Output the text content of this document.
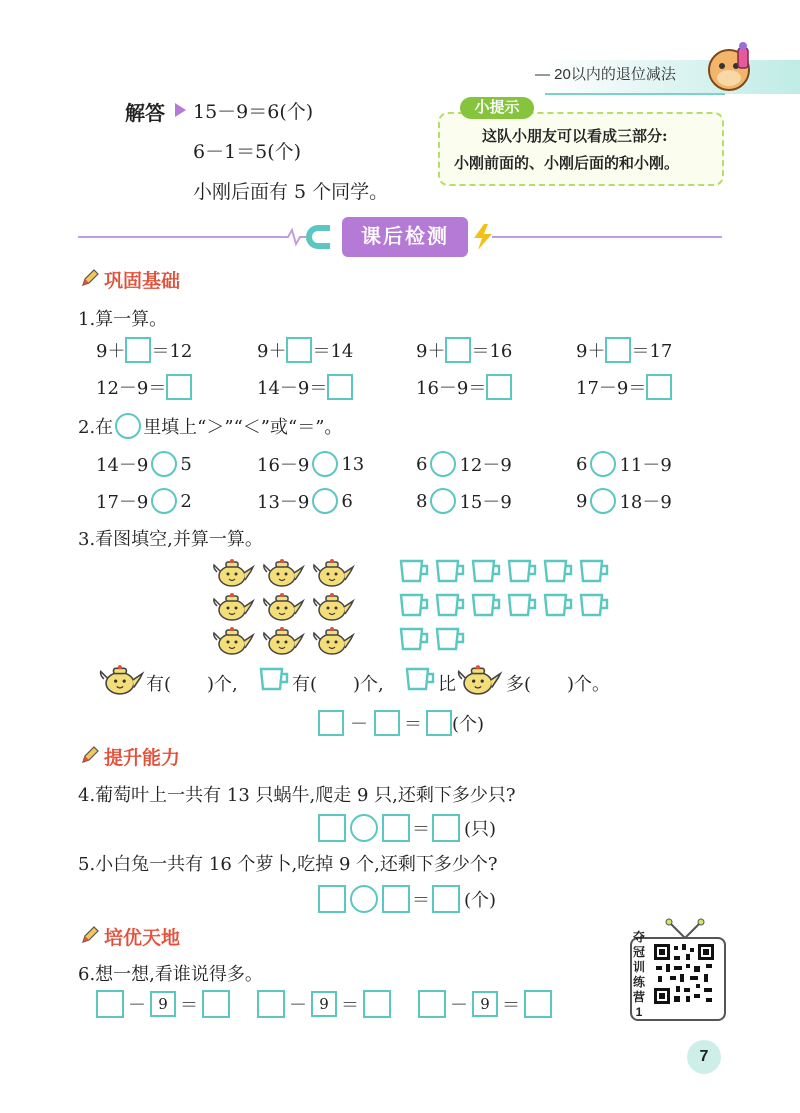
— 20以内的退位减法
解答 15－9＝6(个)
6－1＝5(个)
小刚后面有 5 个同学。
小提示
这队小朋友可以看成三部分:
小刚前面的、小刚后面的和小刚。
课后检测
巩固基础
1.算一算。
9＋ ＝12	9＋ ＝14	9＋ ＝16	9＋ ＝17
12－9＝	14－9＝	16－9＝	17－9＝
2.在 里填上“＞”“＜”或“＝”。
14－9 5	16－9 13	6 12－9	6 11－9
17－9 2	13－9 6	8 15－9	9 18－9
3.看图填空,并算一算。
有(　　)个,	有(　　)个,	比	多(　　)个。
－ ＝ (个)
提升能力
4.葡萄叶上一共有 13 只蜗牛,爬走 9 只,还剩下多少只?
＝ (只)
5.小白兔一共有 16 个萝卜,吃掉 9 个,还剩下多少个?
＝ (个)
培优天地
6.想一想,看谁说得多。
－ 9 ＝	－ 9 ＝	－ 9 ＝
夺冠训练营1
7
